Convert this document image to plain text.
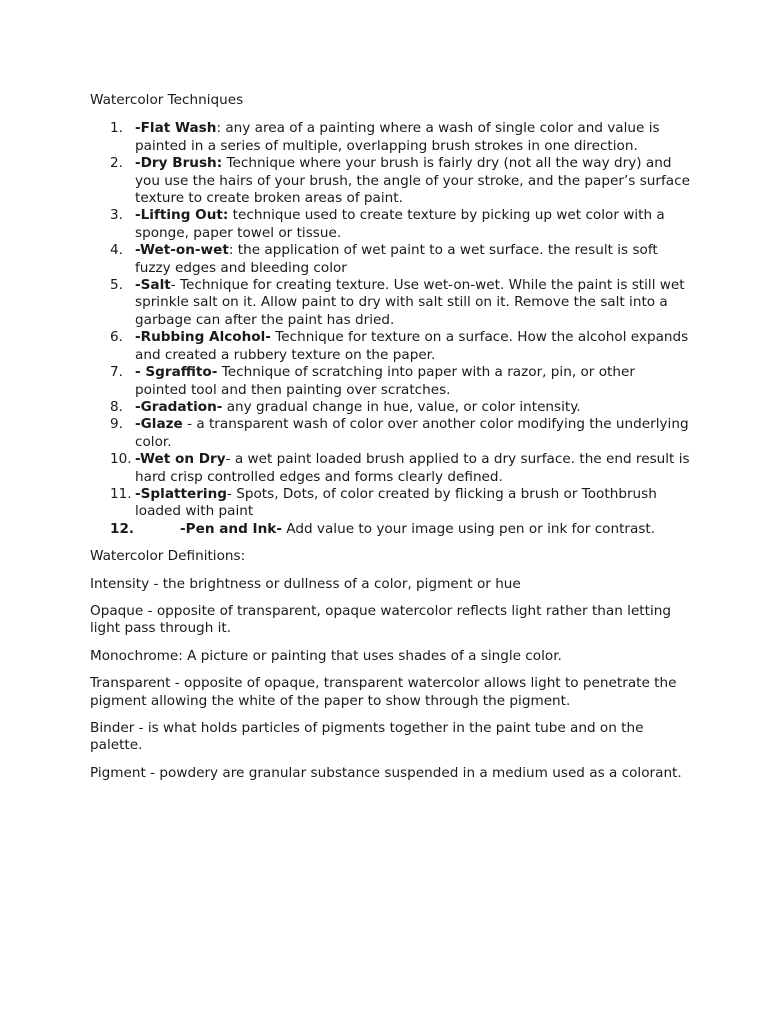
Watercolor Techniques

1. -Flat Wash: any area of a painting where a wash of single color and value is painted in a series of multiple, overlapping brush strokes in one direction.
2. -Dry Brush: Technique where your brush is fairly dry (not all the way dry) and you use the hairs of your brush, the angle of your stroke, and the paper’s surface texture to create broken areas of paint.
3. -Lifting Out: technique used to create texture by picking up wet color with a sponge, paper towel or tissue.
4. -Wet-on-wet: the application of wet paint to a wet surface. the result is soft fuzzy edges and bleeding color
5. -Salt- Technique for creating texture. Use wet-on-wet. While the paint is still wet sprinkle salt on it. Allow paint to dry with salt still on it. Remove the salt into a garbage can after the paint has dried.
6. -Rubbing Alcohol- Technique for texture on a surface. How the alcohol expands and created a rubbery texture on the paper.
7. - Sgraffito- Technique of scratching into paper with a razor, pin, or other pointed tool and then painting over scratches.
8. -Gradation- any gradual change in hue, value, or color intensity.
9. -Glaze - a transparent wash of color over another color modifying the underlying color.
10. -Wet on Dry- a wet paint loaded brush applied to a dry surface. the end result is hard crisp controlled edges and forms clearly defined.
11. -Splattering- Spots, Dots, of color created by flicking a brush or Toothbrush loaded with paint
12.	-Pen and Ink- Add value to your image using pen or ink for contrast.

Watercolor Definitions:

Intensity - the brightness or dullness of a color, pigment or hue

Opaque - opposite of transparent, opaque watercolor reflects light rather than letting light pass through it.

Monochrome: A picture or painting that uses shades of a single color.

Transparent - opposite of opaque, transparent watercolor allows light to penetrate the pigment allowing the white of the paper to show through the pigment.

Binder - is what holds particles of pigments together in the paint tube and on the palette.

Pigment - powdery are granular substance suspended in a medium used as a colorant.
